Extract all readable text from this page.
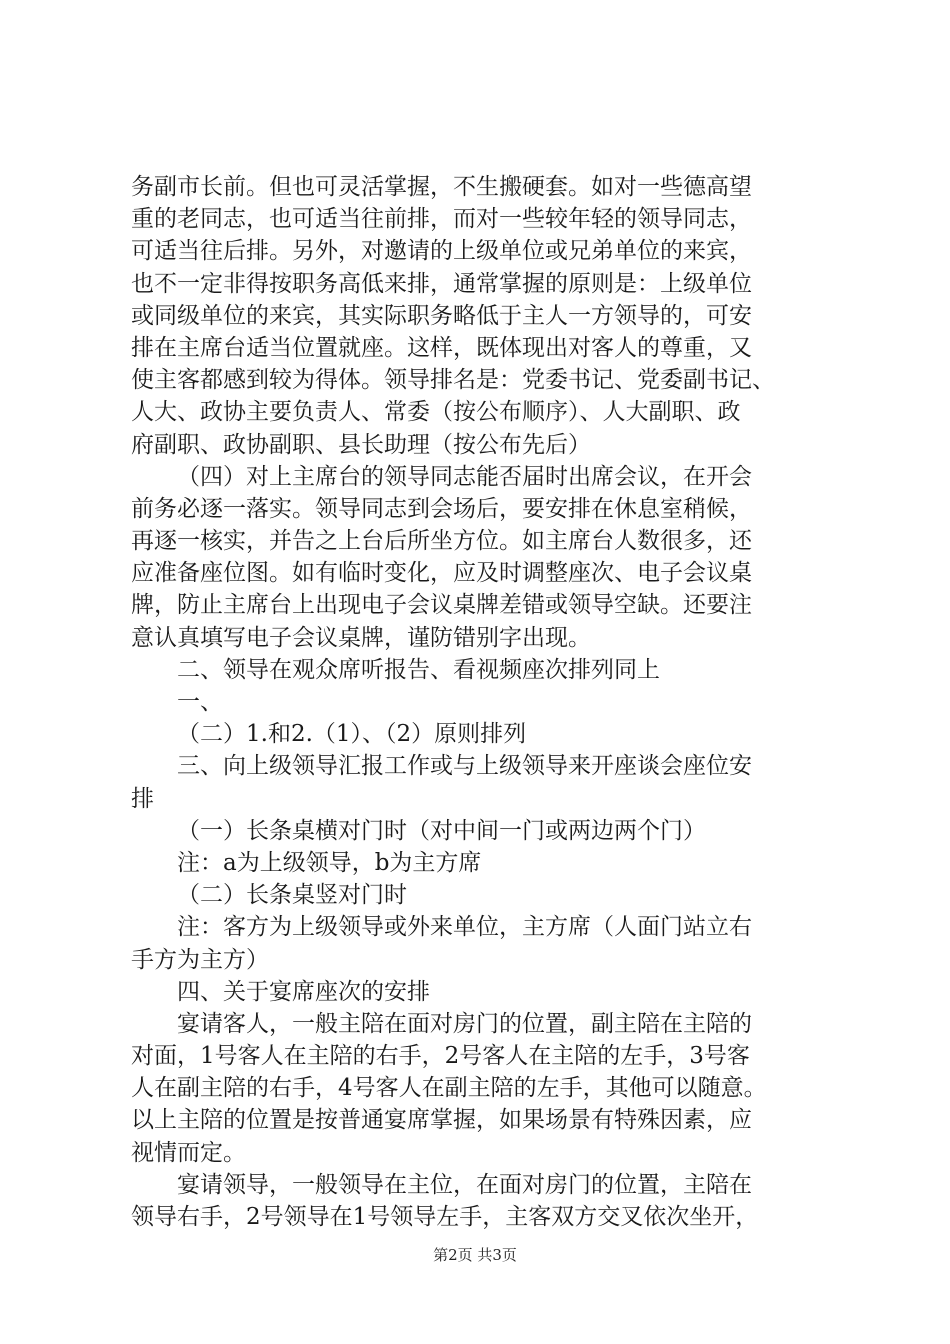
务副市长前。但也可灵活掌握，不生搬硬套。如对一些德高望
重的老同志，也可适当往前排，而对一些较年轻的领导同志，
可适当往后排。另外，对邀请的上级单位或兄弟单位的来宾，
也不一定非得按职务高低来排，通常掌握的原则是：上级单位
或同级单位的来宾，其实际职务略低于主人一方领导的，可安
排在主席台适当位置就座。这样，既体现出对客人的尊重，又
使主客都感到较为得体。领导排名是：党委书记、党委副书记、
人大、政协主要负责人、常委（按公布顺序）、人大副职、政
府副职、政协副职、县长助理（按公布先后）
（四）对上主席台的领导同志能否届时出席会议，在开会
前务必逐一落实。领导同志到会场后，要安排在休息室稍候，
再逐一核实，并告之上台后所坐方位。如主席台人数很多，还
应准备座位图。如有临时变化，应及时调整座次、电子会议桌
牌，防止主席台上出现电子会议桌牌差错或领导空缺。还要注
意认真填写电子会议桌牌，谨防错别字出现。
二、领导在观众席听报告、看视频座次排列同上
一、
（二）1.和2.（1）、（2）原则排列
三、向上级领导汇报工作或与上级领导来开座谈会座位安
排
（一）长条桌横对门时（对中间一门或两边两个门）
注：a为上级领导，b为主方席
（二）长条桌竖对门时
注：客方为上级领导或外来单位，主方席（人面门站立右
手方为主方）
四、关于宴席座次的安排
宴请客人，一般主陪在面对房门的位置，副主陪在主陪的
对面，1号客人在主陪的右手，2号客人在主陪的左手，3号客
人在副主陪的右手，4号客人在副主陪的左手，其他可以随意。
以上主陪的位置是按普通宴席掌握，如果场景有特殊因素，应
视情而定。
宴请领导，一般领导在主位，在面对房门的位置，主陪在
领导右手，2号领导在1号领导左手，主客双方交叉依次坐开，
第2页 共3页
